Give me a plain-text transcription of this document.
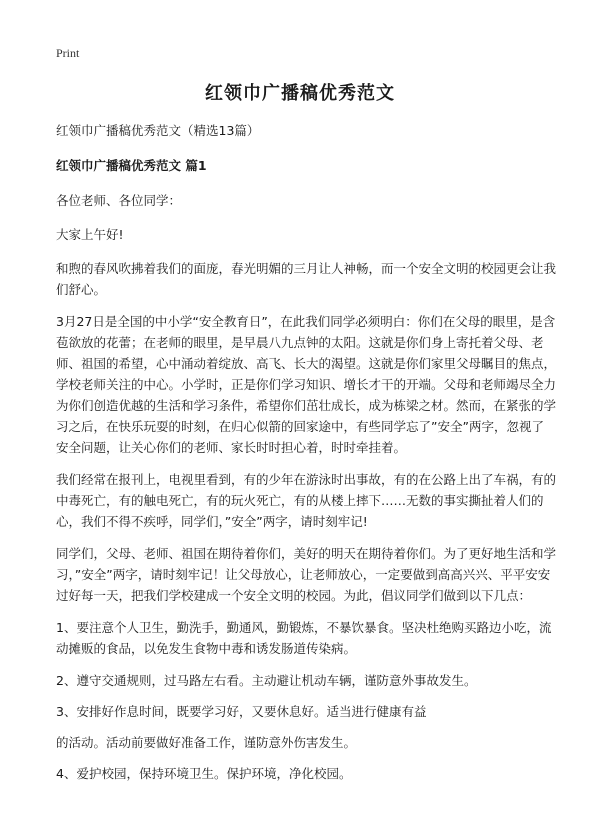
Print
红领巾广播稿优秀范文

红领巾广播稿优秀范文（精选13篇）

红领巾广播稿优秀范文 篇1

各位老师、各位同学：

大家上午好!

和煦的春风吹拂着我们的面庞，春光明媚的三月让人神畅，而一个安全文明的校园更会让我们舒心。

3月27日是全国的中小学“安全教育日”，在此我们同学必须明白：你们在父母的眼里，是含苞欲放的花蕾；在老师的眼里，是早晨八九点钟的太阳。这就是你们身上寄托着父母、老师、祖国的希望，心中涌动着绽放、高飞、长大的渴望。这就是你们家里父母瞩目的焦点，学校老师关注的中心。小学时，正是你们学习知识、增长才干的开端。父母和老师竭尽全力为你们创造优越的生活和学习条件，希望你们茁壮成长，成为栋梁之材。然而，在紧张的学习之后，在快乐玩耍的时刻，在归心似箭的回家途中，有些同学忘了”安全”两字，忽视了安全问题，让关心你们的老师、家长时时担心着，时时牵挂着。

我们经常在报刊上，电视里看到，有的少年在游泳时出事故，有的在公路上出了车祸，有的中毒死亡，有的触电死亡，有的玩火死亡，有的从楼上摔下……无数的事实撕扯着人们的心，我们不得不疾呼，同学们，”安全”两字，请时刻牢记!

同学们，父母、老师、祖国在期待着你们，美好的明天在期待着你们。为了更好地生活和学习，”安全”两字，请时刻牢记！让父母放心，让老师放心，一定要做到高高兴兴、平平安安过好每一天，把我们学校建成一个安全文明的校园。为此，倡议同学们做到以下几点：

1、要注意个人卫生，勤洗手，勤通风，勤锻炼，不暴饮暴食。坚决杜绝购买路边小吃，流动摊贩的食品，以免发生食物中毒和诱发肠道传染病。

2、遵守交通规则，过马路左右看。主动避让机动车辆，谨防意外事故发生。

3、安排好作息时间，既要学习好，又要休息好。适当进行健康有益

的活动。活动前要做好准备工作，谨防意外伤害发生。

4、爱护校园，保持环境卫生。保护环境，净化校园。
